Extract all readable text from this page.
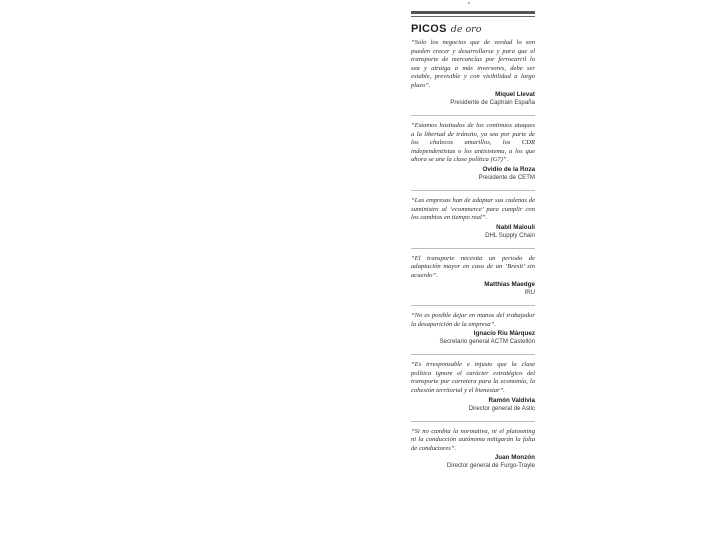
PICOS de oro

“Solo los negocios que de verdad lo son pueden crecer y desarrollarse y para que el transporte de mercancías por ferrocarril lo sea y atraiga a más inversores, debe ser estable, previsible y con visibilidad a largo plazo”.

Miquel Llevat
Presidente de Captrain España

“Estamos hastiados de los continuos ataques a la libertad de tránsito, ya sea por parte de los chalecos amarillos, los CDR independentistas o los antisistema, a los que ahora se une la clase política (G7)”.

Ovidio de la Roza
Presidente de CETM

“Las empresas han de adaptar sus cadenas de suministro al ‘ecommerce’ para cumplir con los cambios en tiempo real”.

Nabil Malouli
DHL Supply Chain

“El transporte necesita un periodo de adaptación mayor en caso de un ‘Brexit’ sin acuerdo”.

Matthias Maedge
IRU

“No es posible dejar en manos del trabajador la desaparición de la empresa”.

Ignacio Riu Márquez
Secretario general ACTM Castellón

“Es irresponsable e injusto que la clase política ignore el carácter estratégico del transporte por carretera para la economía, la cohesión territorial y el bienestar”.

Ramón Valdivia
Director general de Astic

“Si no cambia la normativa, ni el platooning ni la conducción autónoma mitigarán la falta de conductores”.

Juan Monzón
Director general de Furgo-Trayle
